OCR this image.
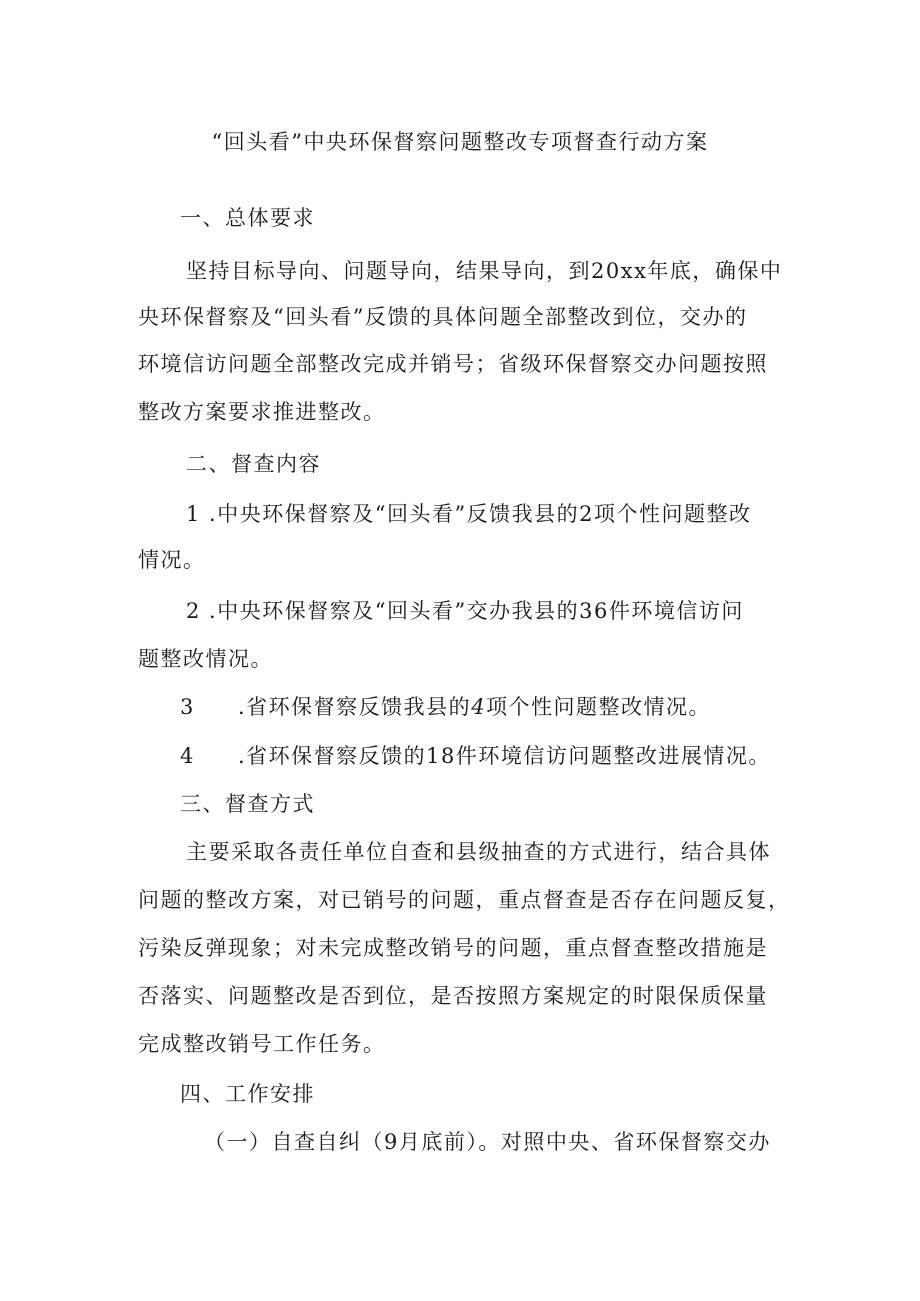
“回头看”中央环保督察问题整改专项督查行动方案
一、总体要求
坚持目标导向、问题导向，结果导向，到20xx年底，确保中
央环保督察及“回头看”反馈的具体问题全部整改到位，交办的
环境信访问题全部整改完成并销号；省级环保督察交办问题按照
整改方案要求推进整改。
二、督查内容
1 .中央环保督察及“回头看”反馈我县的2项个性问题整改
情况。
2 .中央环保督察及“回头看”交办我县的36件环境信访问
题整改情况。
3 .省环保督察反馈我县的4项个性问题整改情况。
4 .省环保督察反馈的18件环境信访问题整改进展情况。
三、督查方式
主要采取各责任单位自查和县级抽查的方式进行，结合具体
问题的整改方案，对已销号的问题，重点督查是否存在问题反复，
污染反弹现象；对未完成整改销号的问题，重点督查整改措施是
否落实、问题整改是否到位，是否按照方案规定的时限保质保量
完成整改销号工作任务。
四、工作安排
（一）自查自纠（9月底前）。对照中央、省环保督察交办
